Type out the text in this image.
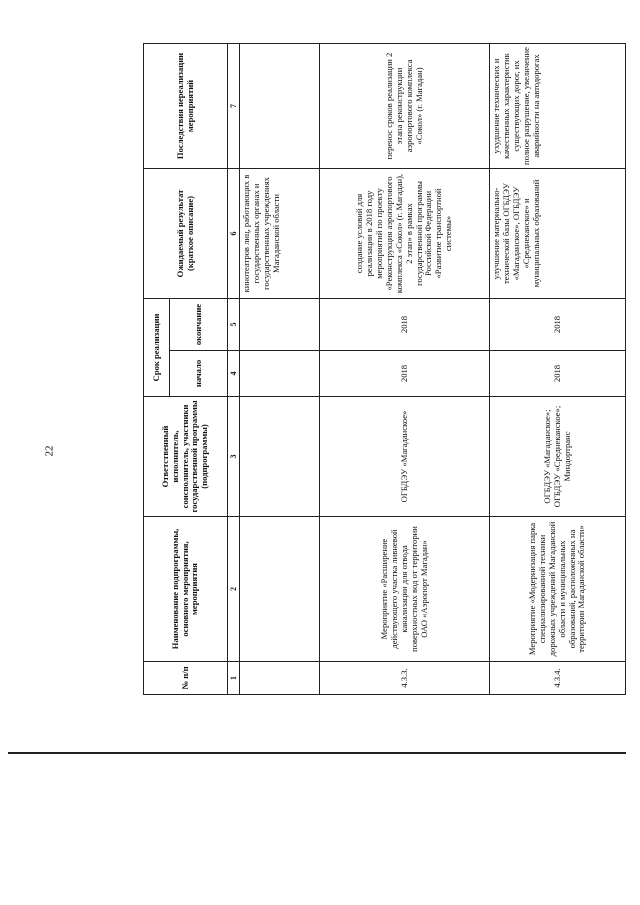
22
№ п/п	Наименование подпрограммы, основного мероприятия, мероприятия	Ответственный исполнитель, соисполнитель, участники государственной программы (подпрограммы)	Срок реализации		Ожидаемый результат (краткое описание)	Последствия нереализации мероприятий
			начало	окончание		
1	2	3	4	5	6	7
					кинотеатров лиц, работающих в государственных органах и государственных учреждениях Магаданской области	
4.3.3.	Мероприятие «Расширение действующего участка ливневой канализации для отвода поверхностных вод от территории ОАО «Аэропорт Магадан»	ОГБДЭУ «Магаданское»	2018	2018	создание условий для реализации в 2018 году мероприятий по проекту «Реконструкция аэропортового комплекса «Сокол» (г. Магадан), 2 этап» в рамках государственной программы Российской Федерации «Развитие транспортной системы»	перенос сроков реализации 2 этапа реконструкции аэропортового комплекса «Сокол» (г. Магадан)
4.3.4.	Мероприятие «Модернизация парка специализированной техники дорожных учреждений Магаданской области и муниципальных образований, расположенных на территории Магаданской области»	ОГБДЭУ «Магаданское»; ОГБДЭУ «Среднеканское»; Миндортранс	2018	2018	улучшение материально-технической базы ОГБДЭУ «Магаданское», ОГБДЭУ «Среднеканское» и муниципальных образований	ухудшение технических и качественных характеристик существующих дорог, их полное разрушение, увеличение аварийности на автодорогах
